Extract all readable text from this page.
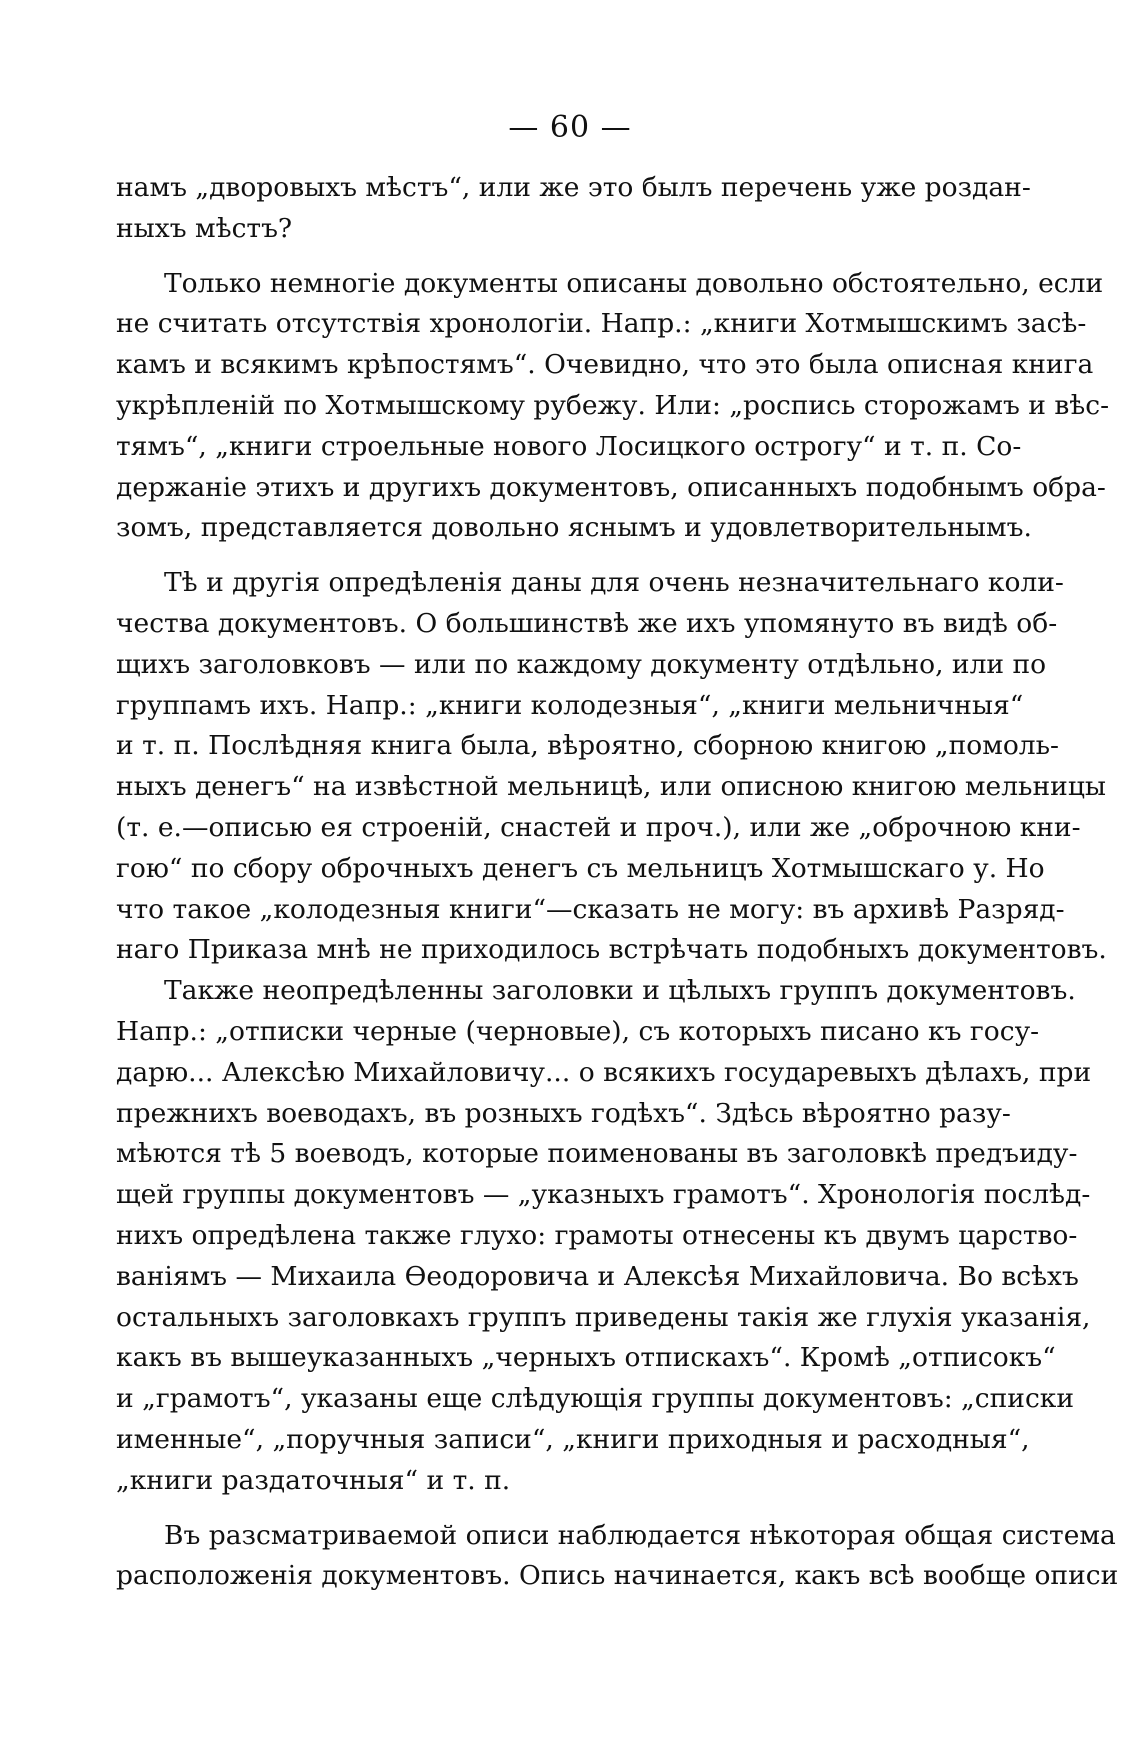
— 60 —
намъ „дворовыхъ мѣстъ“, или же это былъ перечень уже роздан-
ныхъ мѣстъ?
Только немногіе документы описаны довольно обстоятельно, если
не считать отсутствія хронологіи. Напр.: „книги Хотмышскимъ засѣ-
камъ и всякимъ крѣпостямъ“. Очевидно, что это была описная книга
укрѣпленій по Хотмышскому рубежу. Или: „роспись сторожамъ и вѣс-
тямъ“, „книги строельные нового Лосицкого острогу“ и т. п. Со-
держаніе этихъ и другихъ документовъ, описанныхъ подобнымъ обра-
зомъ, представляется довольно яснымъ и удовлетворительнымъ.
Тѣ и другія опредѣленія даны для очень незначительнаго коли-
чества документовъ. О большинствѣ же ихъ упомянуто въ видѣ об-
щихъ заголовковъ — или по каждому документу отдѣльно, или по
группамъ ихъ. Напр.: „книги колодезныя“, „книги мельничныя“
и т. п. Послѣдняя книга была, вѣроятно, сборною книгою „помоль-
ныхъ денегъ“ на извѣстной мельницѣ, или описною книгою мельницы
(т. е.—описью ея строеній, снастей и проч.), или же „оброчною кни-
гою“ по сбору оброчныхъ денегъ съ мельницъ Хотмышскаго у. Но
что такое „колодезныя книги“—сказать не могу: въ архивѣ Разряд-
наго Приказа мнѣ не приходилось встрѣчать подобныхъ документовъ.
Также неопредѣленны заголовки и цѣлыхъ группъ документовъ.
Напр.: „отписки черные (черновые), съ которыхъ писано къ госу-
дарю... Алексѣю Михайловичу... о всякихъ государевыхъ дѣлахъ, при
прежнихъ воеводахъ, въ розныхъ годѣхъ“. Здѣсь вѣроятно разу-
мѣются тѣ 5 воеводъ, которые поименованы въ заголовкѣ предъиду-
щей группы документовъ — „указныхъ грамотъ“. Хронологія послѣд-
нихъ опредѣлена также глухо: грамоты отнесены къ двумъ царство-
ваніямъ — Михаила Ѳеодоровича и Алексѣя Михайловича. Во всѣхъ
остальныхъ заголовкахъ группъ приведены такія же глухія указанія,
какъ въ вышеуказанныхъ „черныхъ отпискахъ“. Кромѣ „отписокъ“
и „грамотъ“, указаны еще слѣдующія группы документовъ: „списки
именные“, „поручныя записи“, „книги приходныя и расходныя“,
„книги раздаточныя“ и т. п.
Въ разсматриваемой описи наблюдается нѣкоторая общая система
расположенія документовъ. Опись начинается, какъ всѣ вообще описи
